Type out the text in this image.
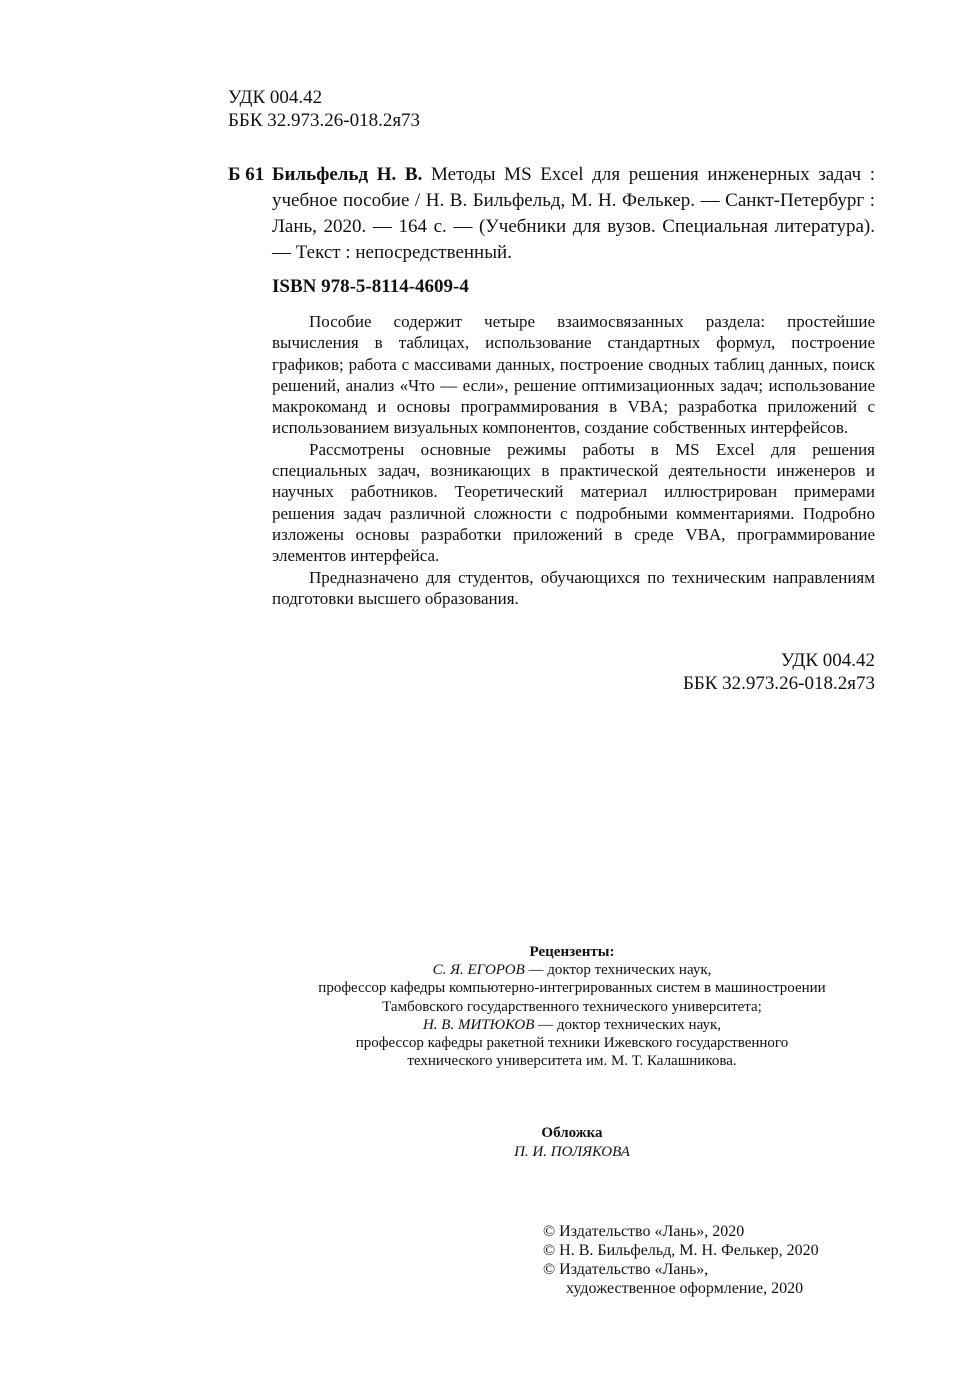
УДК 004.42
ББК 32.973.26-018.2я73
Б 61 Бильфельд Н. В. Методы MS Excel для решения инженерных задач : учебное пособие / Н. В. Бильфельд, М. Н. Фелькер. — Санкт-Петербург : Лань, 2020. — 164 с. — (Учебники для вузов. Специальная литература). — Текст : непосредственный.
ISBN 978-5-8114-4609-4

Пособие содержит четыре взаимосвязанных раздела: простейшие вычисления в таблицах, использование стандартных формул, построение графиков; работа с массивами данных, построение сводных таблиц данных, поиск решений, анализ «Что — если», решение оптимизационных задач; использование макрокоманд и основы программирования в VBA; разработка приложений с использованием визуальных компонентов, создание собственных интерфейсов.

Рассмотрены основные режимы работы в MS Excel для решения специальных задач, возникающих в практической деятельности инженеров и научных работников. Теоретический материал иллюстрирован примерами решения задач различной сложности с подробными комментариями. Подробно изложены основы разработки приложений в среде VBA, программирование элементов интерфейса.

Предназначено для студентов, обучающихся по техническим направлениям подготовки высшего образования.

УДК 004.42
ББК 32.973.26-018.2я73
Рецензенты:
С. Я. ЕГОРОВ — доктор технических наук,
профессор кафедры компьютерно-интегрированных систем в машиностроении
Тамбовского государственного технического университета;
Н. В. МИТЮКОВ — доктор технических наук,
профессор кафедры ракетной техники Ижевского государственного
технического университета им. М. Т. Калашникова.
Обложка
П. И. ПОЛЯКОВА
© Издательство «Лань», 2020
© Н. В. Бильфельд, М. Н. Фелькер, 2020
© Издательство «Лань»,
художественное оформление, 2020
